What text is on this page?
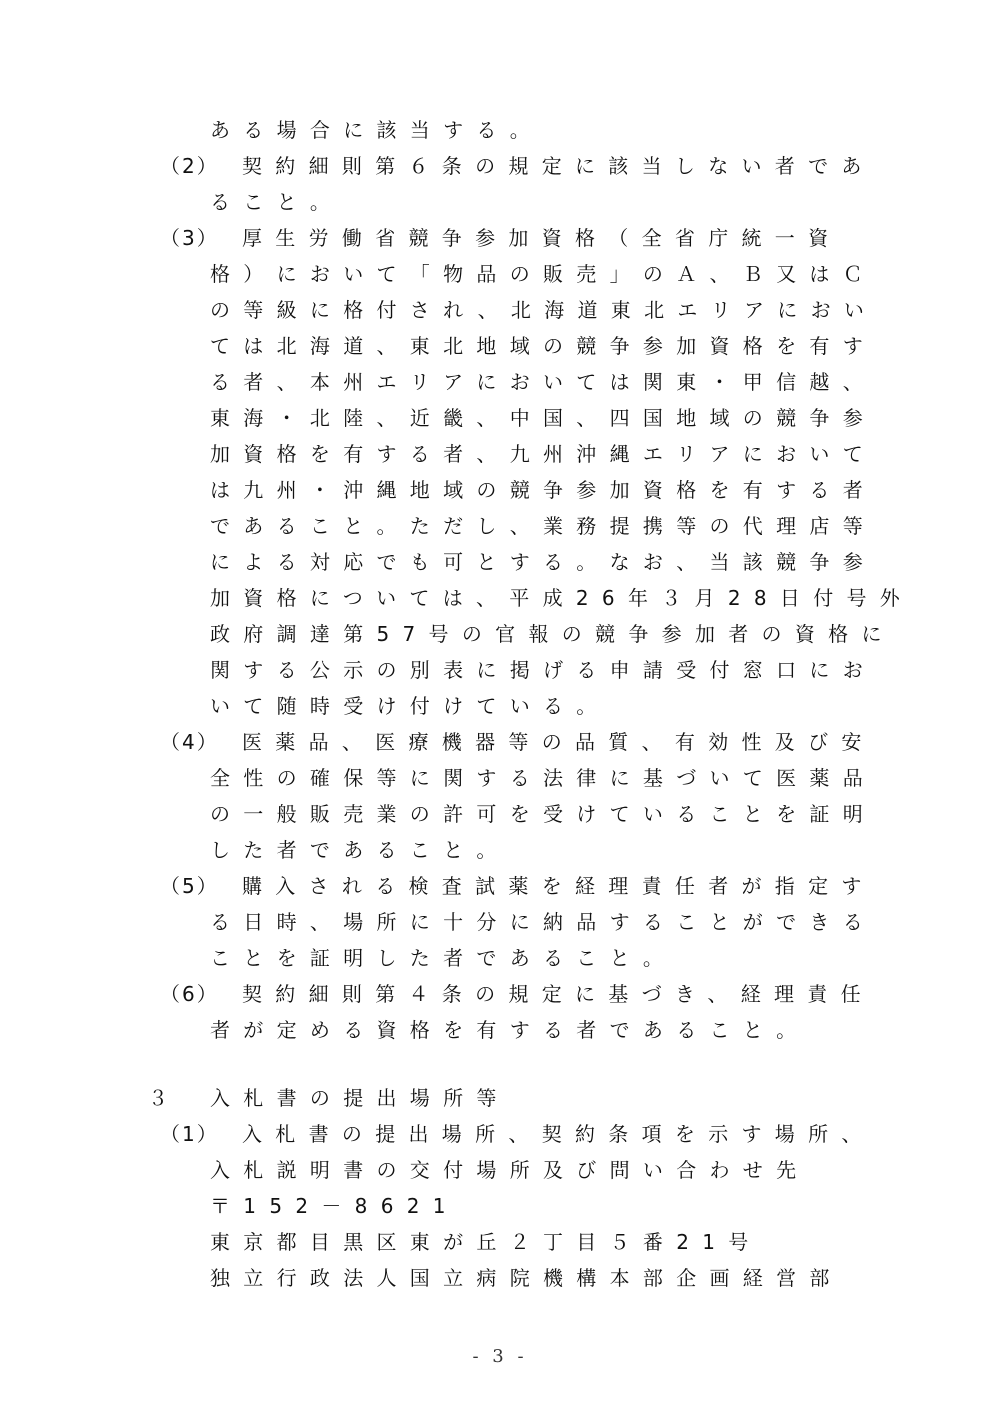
ある場合に該当する。
（2） 契約細則第６条の規定に該当しない者であ
ること。
（3） 厚生労働省競争参加資格（全省庁統一資
格）において「物品の販売」のＡ、Ｂ又はＣ
の等級に格付され、北海道東北エリアにおい
ては北海道、東北地域の競争参加資格を有す
る者、本州エリアにおいては関東・甲信越、
東海・北陸、近畿、中国、四国地域の競争参
加資格を有する者、九州沖縄エリアにおいて
は九州・沖縄地域の競争参加資格を有する者
であること。ただし、業務提携等の代理店等
による対応でも可とする。なお、当該競争参
加資格については、平成26年３月28日付号外
政府調達第57号の官報の競争参加者の資格に
関する公示の別表に掲げる申請受付窓口にお
いて随時受け付けている。
（4） 医薬品、医療機器等の品質、有効性及び安
全性の確保等に関する法律に基づいて医薬品
の一般販売業の許可を受けていることを証明
した者であること。
（5） 購入される検査試薬を経理責任者が指定す
る日時、場所に十分に納品することができる
ことを証明した者であること。
（6） 契約細則第４条の規定に基づき、経理責任
者が定める資格を有する者であること。
３ 入札書の提出場所等
（1） 入札書の提出場所、契約条項を示す場所、
入札説明書の交付場所及び問い合わせ先
〒152－8621
東京都目黒区東が丘２丁目５番21号
独立行政法人国立病院機構本部企画経営部
- 3 -
